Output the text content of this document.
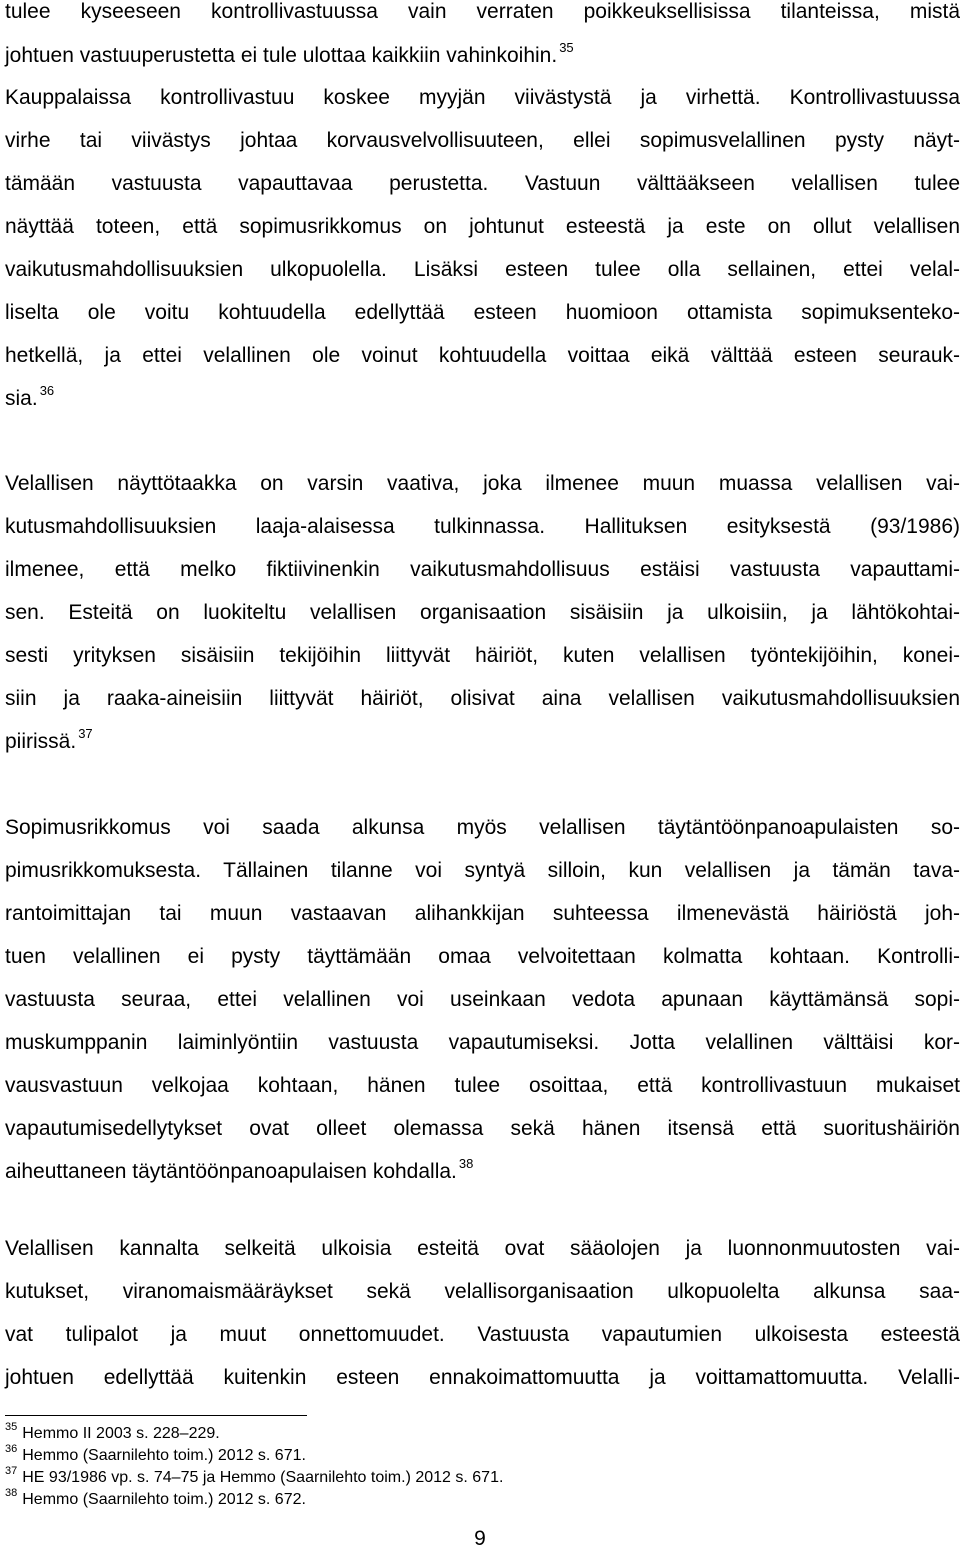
tulee kyseeseen kontrollivastuussa vain verraten poikkeuksellisissa tilanteissa, mistä
johtuen vastuuperustetta ei tule ulottaa kaikkiin vahinkoihin. $^{35}$
Kauppalaissa kontrollivastuu koskee myyjän viivästystä ja virhettä. Kontrollivastuussa
virhe tai viivästys johtaa korvausvelvollisuuteen, ellei sopimusvelallinen pysty näyt-
tämään vastuusta vapauttavaa perustetta. Vastuun välttääkseen velallisen tulee
näyttää toteen, että sopimusrikkomus on johtunut esteestä ja este on ollut velallisen
vaikutusmahdollisuuksien ulkopuolella. Lisäksi esteen tulee olla sellainen, ettei velal-
liselta ole voitu kohtuudella edellyttää esteen huomioon ottamista sopimuksenteko-
hetkellä, ja ettei velallinen ole voinut kohtuudella voittaa eikä välttää esteen seurauk-
sia. $^{36}$
Velallisen näyttötaakka on varsin vaativa, joka ilmenee muun muassa velallisen vai-
kutusmahdollisuuksien laaja-alaisessa tulkinnassa. Hallituksen esityksestä (93/1986)
ilmenee, että melko fiktiivinenkin vaikutusmahdollisuus estäisi vastuusta vapauttami-
sen. Esteitä on luokiteltu velallisen organisaation sisäisiin ja ulkoisiin, ja lähtökohtai-
sesti yrityksen sisäisiin tekijöihin liittyvät häiriöt, kuten velallisen työntekijöihin, konei-
siin ja raaka-aineisiin liittyvät häiriöt, olisivat aina velallisen vaikutusmahdollisuuksien
piirissä. $^{37}$
Sopimusrikkomus voi saada alkunsa myös velallisen täytäntöönpanoapulaisten so-
pimusrikkomuksesta. Tällainen tilanne voi syntyä silloin, kun velallisen ja tämän tava-
rantoimittajan tai muun vastaavan alihankkijan suhteessa ilmenevästä häiriöstä joh-
tuen velallinen ei pysty täyttämään omaa velvoitettaan kolmatta kohtaan. Kontrolli-
vastuusta seuraa, ettei velallinen voi useinkaan vedota apunaan käyttämänsä sopi-
muskumppanin laiminlyöntiin vastuusta vapautumiseksi. Jotta velallinen välttäisi kor-
vausvastuun velkojaa kohtaan, hänen tulee osoittaa, että kontrollivastuun mukaiset
vapautumisedellytykset ovat olleet olemassa sekä hänen itsensä että suoritushäiriön
aiheuttaneen täytäntöönpanoapulaisen kohdalla. $^{38}$
Velallisen kannalta selkeitä ulkoisia esteitä ovat sääolojen ja luonnonmuutosten vai-
kutukset, viranomaismääräykset sekä velallisorganisaation ulkopuolelta alkunsa saa-
vat tulipalot ja muut onnettomuudet. Vastuusta vapautumien ulkoisesta esteestä
johtuen edellyttää kuitenkin esteen ennakoimattomuutta ja voittamattomuutta. Velalli-
$^{35}$ Hemmo II 2003 s. 228–229.
$^{36}$ Hemmo (Saarnilehto toim.) 2012 s. 671.
$^{37}$ HE 93/1986 vp. s. 74–75 ja Hemmo (Saarnilehto toim.) 2012 s. 671.
$^{38}$ Hemmo (Saarnilehto toim.) 2012 s. 672.
9
